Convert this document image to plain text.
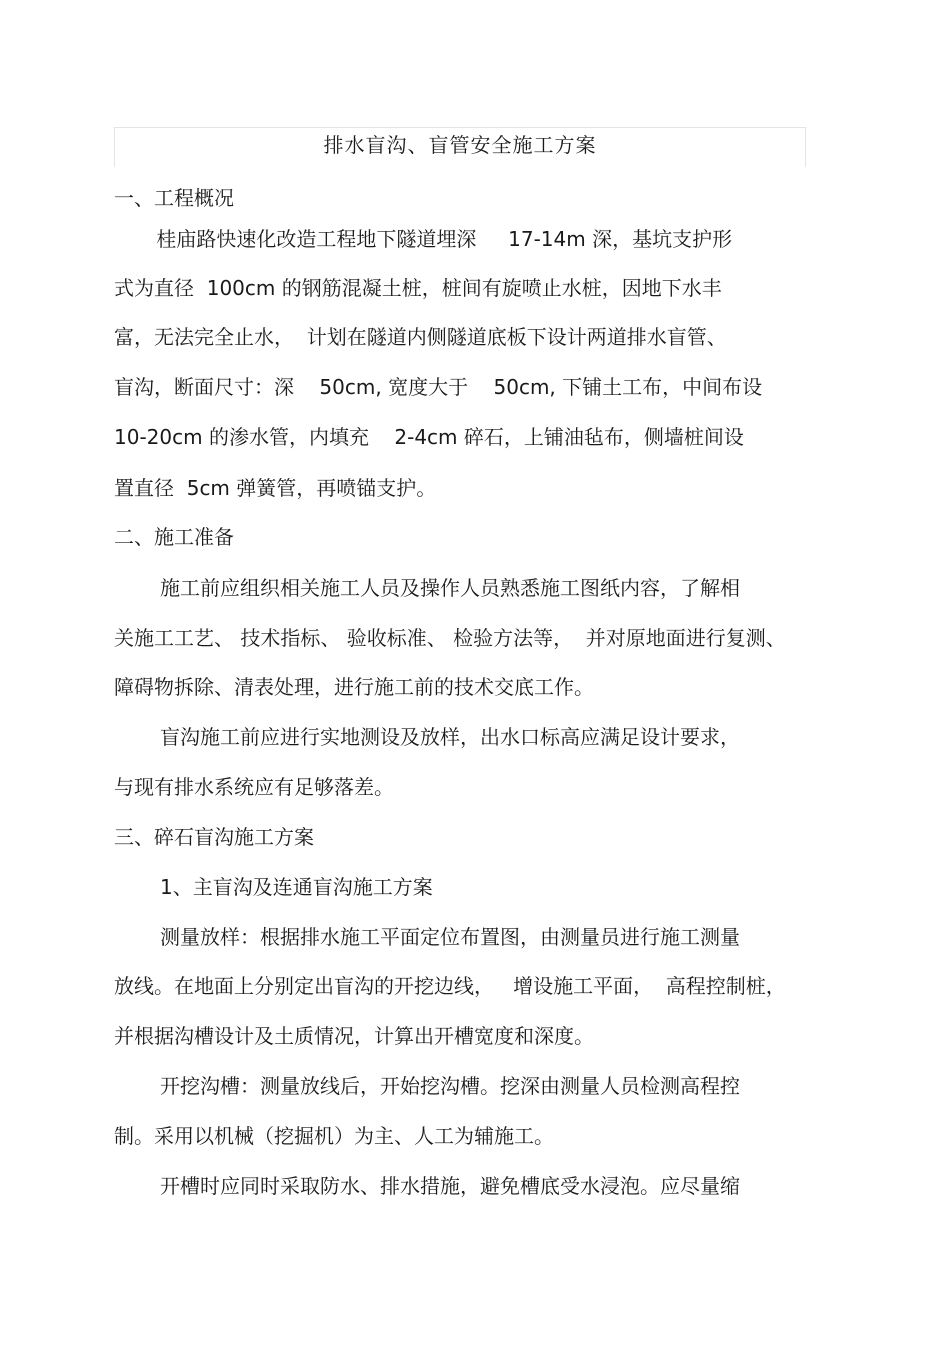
排水盲沟、盲管安全施工方案
一、工程概况
桂庙路快速化改造工程地下隧道埋深     17-14m 深，基坑支护形
式为直径  100cm 的钢筋混凝土桩，桩间有旋喷止水桩，因地下水丰
富，无法完全止水，  计划在隧道内侧隧道底板下设计两道排水盲管、
盲沟，断面尺寸：深    50cm, 宽度大于    50cm, 下铺土工布，中间布设
10-20cm 的渗水管，内填充    2-4cm 碎石，上铺油毡布，侧墙桩间设
置直径  5cm 弹簧管，再喷锚支护。
二、施工准备
施工前应组织相关施工人员及操作人员熟悉施工图纸内容，了解相
关施工工艺、 技术指标、 验收标准、 检验方法等，  并对原地面进行复测、
障碍物拆除、清表处理，进行施工前的技术交底工作。
盲沟施工前应进行实地测设及放样，出水口标高应满足设计要求，
与现有排水系统应有足够落差。
三、碎石盲沟施工方案
1、主盲沟及连通盲沟施工方案
测量放样：根据排水施工平面定位布置图，由测量员进行施工测量
放线。在地面上分别定出盲沟的开挖边线，   增设施工平面，  高程控制桩，
并根据沟槽设计及土质情况，计算出开槽宽度和深度。
开挖沟槽：测量放线后，开始挖沟槽。挖深由测量人员检测高程控
制。采用以机械（挖掘机）为主、人工为辅施工。
开槽时应同时采取防水、排水措施，避免槽底受水浸泡。应尽量缩
